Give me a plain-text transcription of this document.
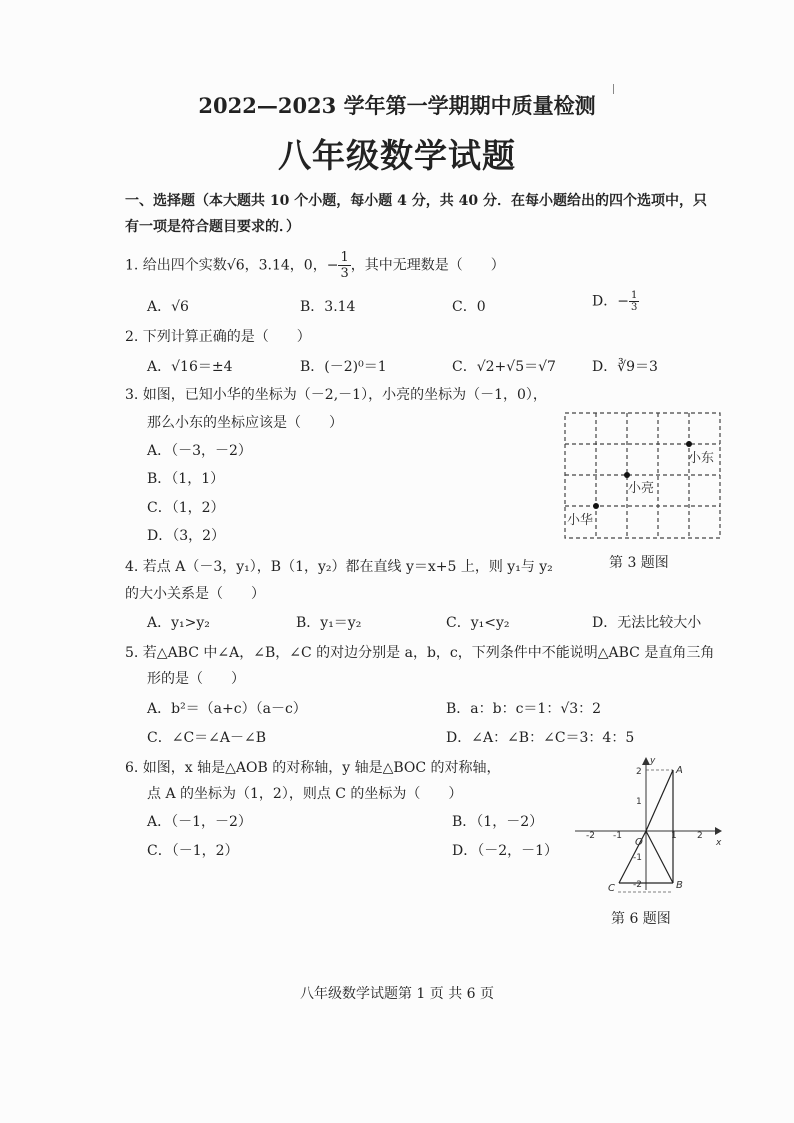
2022—2023 学年第一学期期中质量检测
八年级数学试题
一、选择题（本大题共 10 个小题，每小题 4 分，共 40 分．在每小题给出的四个选项中，只有一项是符合题目要求的．）
1. 给出四个实数√6，3.14，0，− $\frac{1}{3}$ ，其中无理数是（　　）
A．√6	B．3.14	C．0	D．− $\frac{1}{3}$
2. 下列计算正确的是（　　）
A．√16＝±4	B．(－2)⁰＝1	C．√2+√5＝√7	D．∛9＝3
3. 如图，已知小华的坐标为（－2,－1），小亮的坐标为（－1，0），
那么小东的坐标应该是（　　）
A．（－3，－2）
B．（1，1）
C．（1，2）
D．（3，2）
小东
小亮
小华
第 3 题图
4. 若点 A（－3，y₁），B（1，y₂）都在直线 y＝x+5 上，则 y₁与 y₂
的大小关系是（　　）
A．y₁>y₂	B．y₁＝y₂	C．y₁<y₂	D．无法比较大小
5. 若△ABC 中∠A，∠B，∠C 的对边分别是 a，b，c，下列条件中不能说明△ABC 是直角三角
形的是（　　）
A．b²＝（a+c）（a－c）	B．a：b：c＝1：√3：2
C．∠C＝∠A－∠B	D．∠A：∠B：∠C＝3：4：5
6. 如图，x 轴是△AOB 的对称轴，y 轴是△BOC 的对称轴，
点 A 的坐标为（1，2），则点 C 的坐标为（　　）
A．（－1，－2）	B．（1，－2）
C．（－1，2）	D．（－2，－1）
-2 -1	1 2
2
1
-1
-2
y
x
O
A
B
C
第 6 题图
八年级数学试题第 1 页 共 6 页
